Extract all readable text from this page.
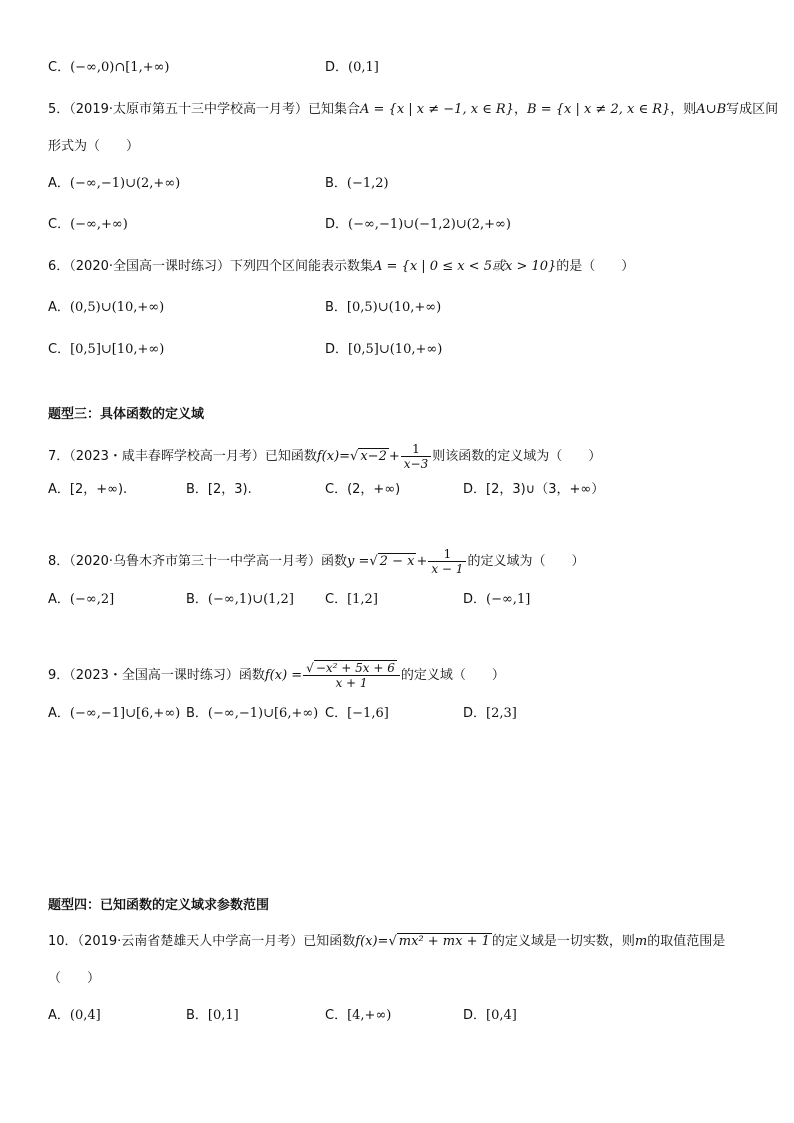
C．(−∞,0)∩[1,+∞)	D．(0,1]
5．（2019·太原市第五十三中学校高一月考）已知集合A = {x | x ≠ −1, x ∈ R}，B = {x | x ≠ 2, x ∈ R}，则A∪B写成区间
形式为（　　）
A．(−∞,−1)∪(2,+∞)	B．(−1,2)
C．(−∞,+∞)	D．(−∞,−1)∪(−1,2)∪(2,+∞)
6．（2020·全国高一课时练习）下列四个区间能表示数集A = {x | 0 ≤ x < 5或x > 10}的是（　　）
A．(0,5)∪(10,+∞)	B．[0,5)∪(10,+∞)
C．[0,5]∪[10,+∞)	D．[0,5]∪(10,+∞)
题型三：具体函数的定义域
7．（2023・咸丰春晖学校高一月考）已知函数f(x)=√ $x-2 + \frac{1}{x-3}$ 则该函数的定义域为（　　）
A．[2，+∞).	B．[2，3).	C．(2，+∞)	D．[2，3)∪（3，+∞）
8．（2020·乌鲁木齐市第三十一中学高一月考）函数y =√ $2 - x + \frac{1}{x - 1}$ 的定义域为（　　）
A．(−∞,2]	B．(−∞,1)∪(1,2] C．[1,2]	D．(−∞,1]
9．（2023・全国高一课时练习）函数$f(x) = \frac{\text{√ −x² + 5x + 6}}{x + 1}$ 的定义域（　　）
A．(−∞,−1]∪[6,+∞) B．(−∞,−1)∪[6,+∞) C．[−1,6]	D．[2,3]
题型四：已知函数的定义域求参数范围
10．（2019·云南省楚雄天人中学高一月考）已知函数f(x)=√ mx² + mx + 1 的定义域是一切实数，则m的取值范围是
（　　）
A．(0,4]	B．[0,1]	C．[4,+∞)	D．[0,4]
